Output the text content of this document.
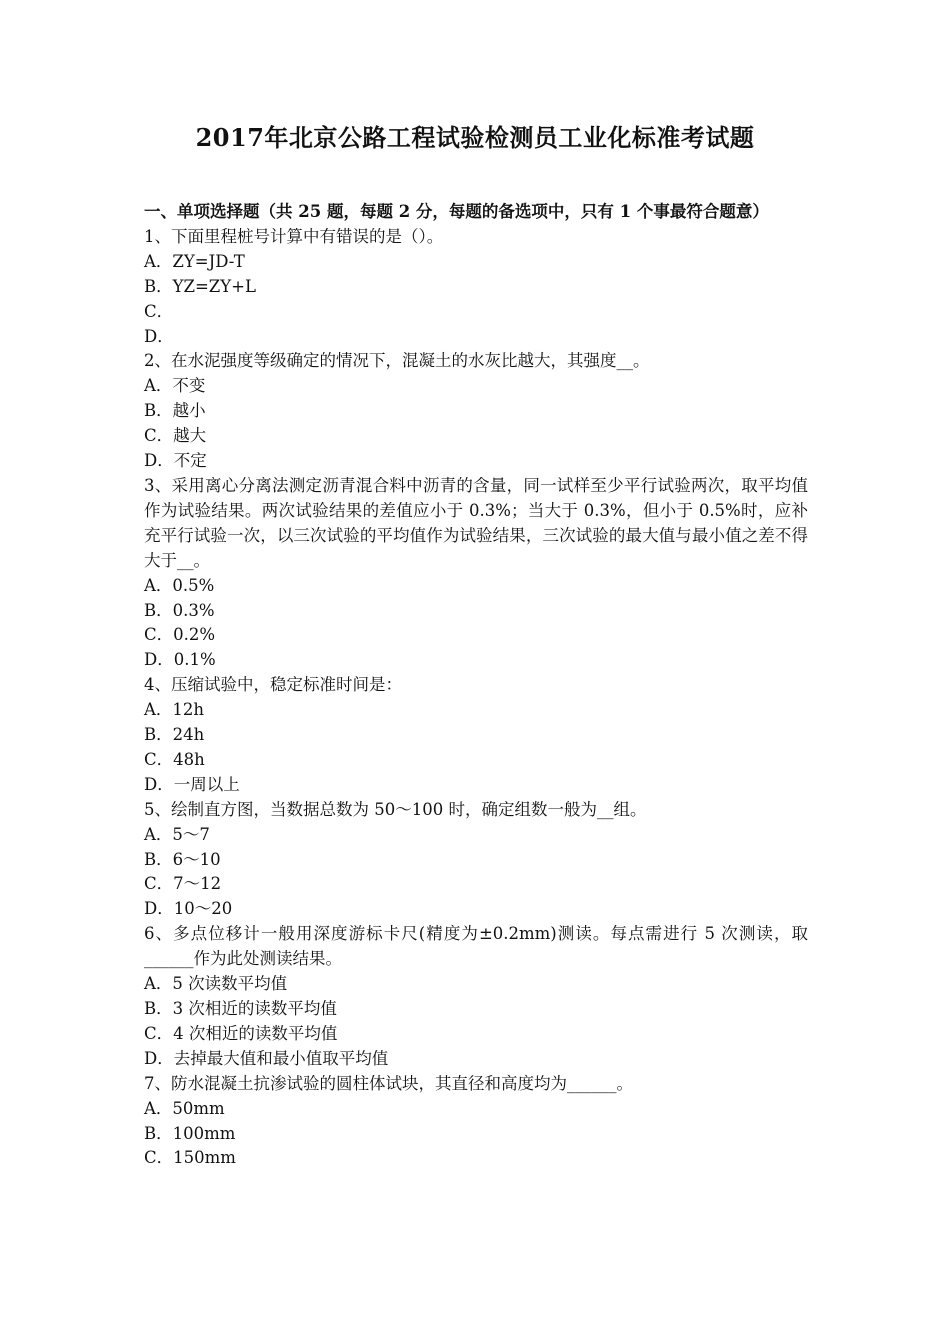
2017年北京公路工程试验检测员工业化标准考试题
一、单项选择题（共 25 题，每题 2 分，每题的备选项中，只有 1 个事最符合题意）
1、下面里程桩号计算中有错误的是（）。
A．ZY=JD-T
B．YZ=ZY+L
C．
D．
2、在水泥强度等级确定的情况下，混凝土的水灰比越大，其强度__。
A．不变
B．越小
C．越大
D．不定
3、采用离心分离法测定沥青混合料中沥青的含量，同一试样至少平行试验两次，取平均值作为试验结果。两次试验结果的差值应小于 0.3%；当大于 0.3%，但小于 0.5%时，应补充平行试验一次，以三次试验的平均值作为试验结果，三次试验的最大值与最小值之差不得大于__。
A．0.5%
B．0.3%
C．0.2%
D．0.1%
4、压缩试验中，稳定标准时间是：
A．12h
B．24h
C．48h
D．一周以上
5、绘制直方图，当数据总数为 50～100 时，确定组数一般为__组。
A．5～7
B．6～10
C．7～12
D．10～20
6、多点位移计一般用深度游标卡尺(精度为±0.2mm)测读。每点需进行 5 次测读，取______作为此处测读结果。
A．5 次读数平均值
B．3 次相近的读数平均值
C．4 次相近的读数平均值
D．去掉最大值和最小值取平均值
7、防水混凝土抗渗试验的圆柱体试块，其直径和高度均为______。
A．50mm
B．100mm
C．150mm
